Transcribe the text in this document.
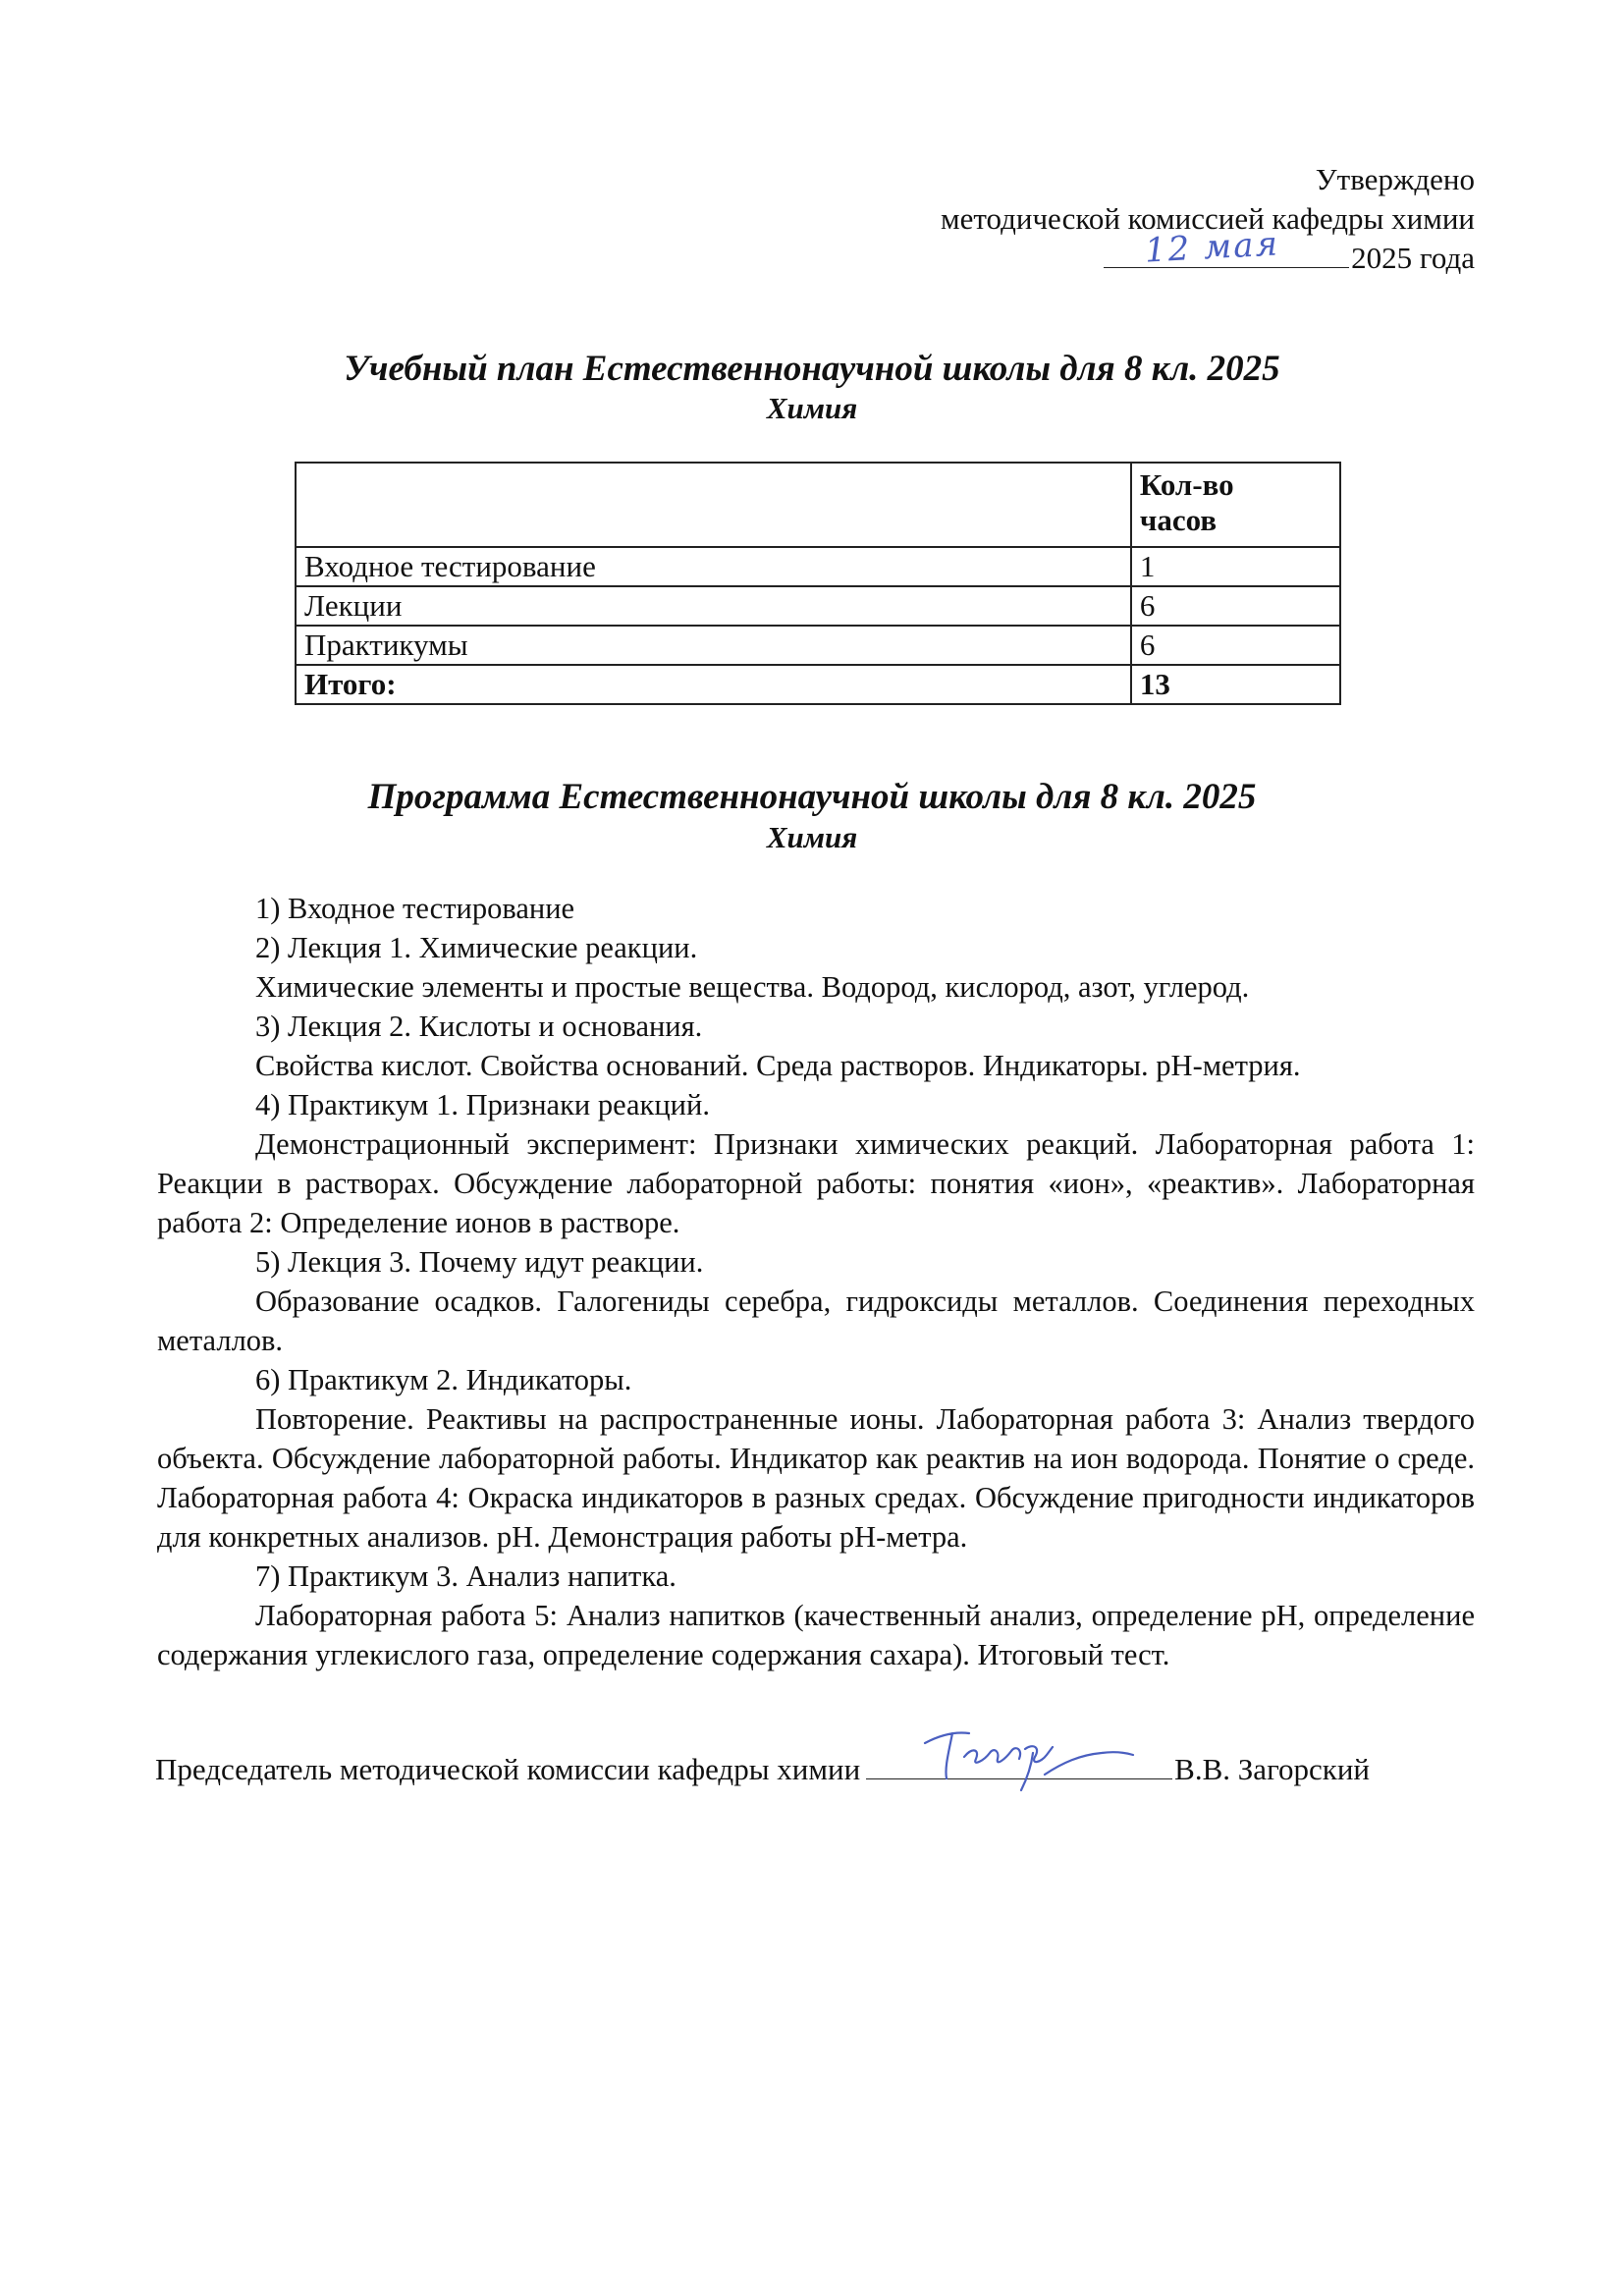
Утверждено
методической комиссией кафедры химии
12 мая 2025 года
Учебный план Естественнонаучной школы для 8 кл. 2025
Химия
	Кол-во
часов
Входное тестирование	1
Лекции	6
Практикумы	6
Итого:	13
Программа Естественнонаучной школы для 8 кл. 2025
Химия

1) Входное тестирование

2) Лекция 1. Химические реакции.

Химические элементы и простые вещества. Водород, кислород, азот, углерод.

3) Лекция 2. Кислоты и основания.

Свойства кислот. Свойства оснований. Среда растворов. Индикаторы. pH-метрия.

4) Практикум 1. Признаки реакций.

Демонстрационный эксперимент: Признаки химических реакций. Лабораторная работа 1: Реакции в растворах. Обсуждение лабораторной работы: понятия «ион», «реактив». Лабораторная работа 2: Определение ионов в растворе.

5) Лекция 3. Почему идут реакции.

Образование осадков. Галогениды серебра, гидроксиды металлов. Соединения переходных металлов.

6) Практикум 2. Индикаторы.

Повторение. Реактивы на распространенные ионы. Лабораторная работа 3: Анализ твердого объекта. Обсуждение лабораторной работы. Индикатор как реактив на ион водорода. Понятие о среде. Лабораторная работа 4: Окраска индикаторов в разных средах. Обсуждение пригодности индикаторов для конкретных анализов. pH. Демонстрация работы pH-метра.

7) Практикум 3. Анализ напитка.

Лабораторная работа 5: Анализ напитков (качественный анализ, определение pH, определение содержания углекислого газа, определение содержания сахара). Итоговый тест.

Председатель методической комиссии кафедры химии	В.В. Загорский
